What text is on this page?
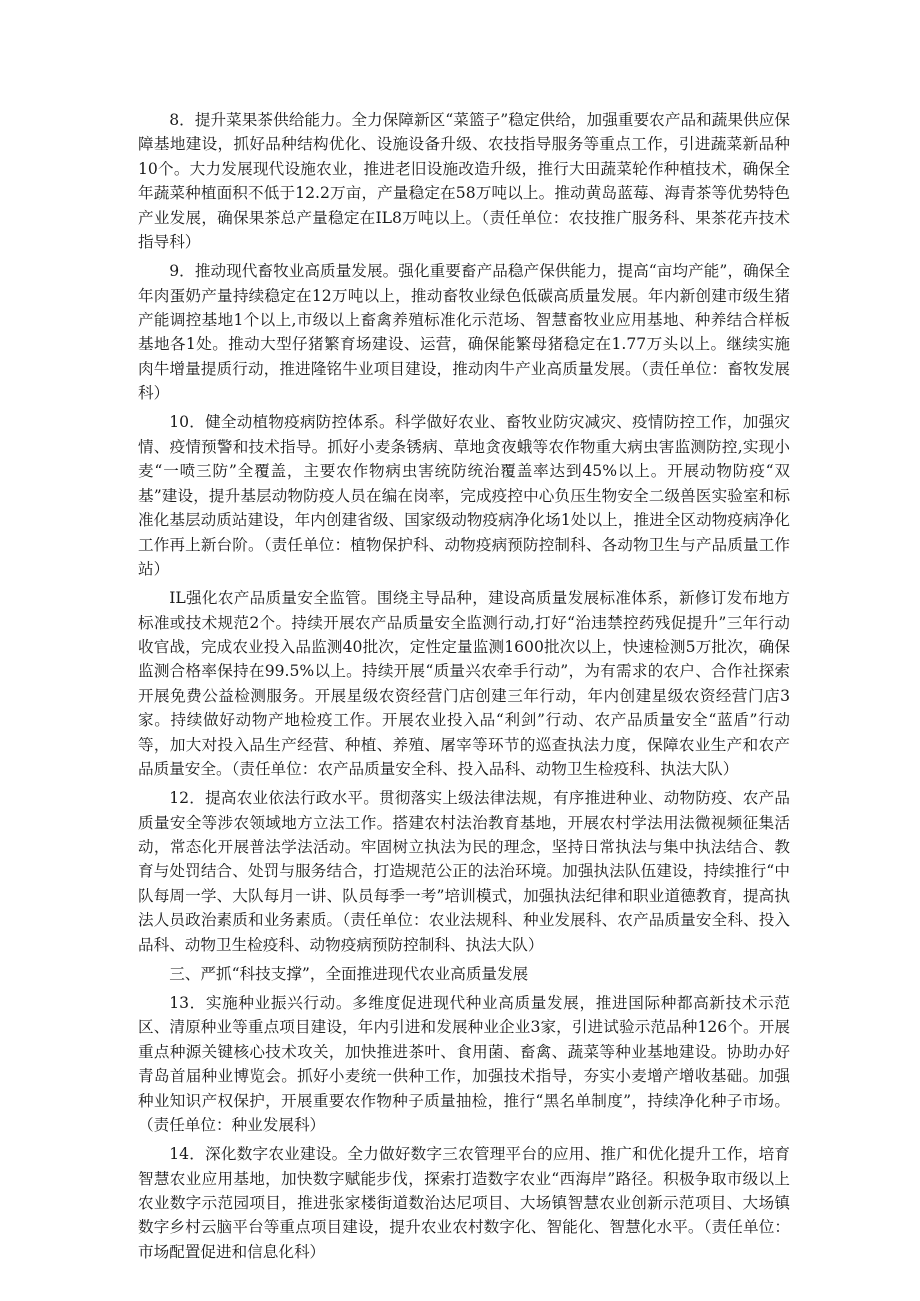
8．提升菜果茶供给能力。全力保障新区“菜篮子”稳定供给，加强重要农产品和蔬果供应保障基地建设，抓好品种结构优化、设施设备升级、农技指导服务等重点工作，引进蔬菜新品种10个。大力发展现代设施农业，推进老旧设施改造升级，推行大田蔬菜轮作种植技术，确保全年蔬菜种植面积不低于12.2万亩，产量稳定在58万吨以上。推动黄岛蓝莓、海青茶等优势特色产业发展，确保果茶总产量稳定在IL8万吨以上。（责任单位：农技推广服务科、果茶花卉技术指导科）

9．推动现代畜牧业高质量发展。强化重要畜产品稳产保供能力，提高“亩均产能”，确保全年肉蛋奶产量持续稳定在12万吨以上，推动畜牧业绿色低碳高质量发展。年内新创建市级生猪产能调控基地1个以上,市级以上畜禽养殖标准化示范场、智慧畜牧业应用基地、种养结合样板基地各1处。推动大型仔猪繁育场建设、运营，确保能繁母猪稳定在1.77万头以上。继续实施肉牛增量提质行动，推进隆铭牛业项目建设，推动肉牛产业高质量发展。（责任单位：畜牧发展科）

10．健全动植物疫病防控体系。科学做好农业、畜牧业防灾减灾、疫情防控工作，加强灾情、疫情预警和技术指导。抓好小麦条锈病、草地贪夜蛾等农作物重大病虫害监测防控,实现小麦“一喷三防”全覆盖，主要农作物病虫害统防统治覆盖率达到45%以上。开展动物防疫“双基”建设，提升基层动物防疫人员在编在岗率，完成疫控中心负压生物安全二级兽医实验室和标准化基层动质站建设，年内创建省级、国家级动物疫病净化场1处以上，推进全区动物疫病净化工作再上新台阶。（责任单位：植物保护科、动物疫病预防控制科、各动物卫生与产品质量工作站）

IL强化农产品质量安全监管。围绕主导品种，建设高质量发展标准体系，新修订发布地方标准或技术规范2个。持续开展农产品质量安全监测行动,打好“治违禁控药残促提升”三年行动收官战，完成农业投入品监测40批次，定性定量监测1600批次以上，快速检测5万批次，确保监测合格率保持在99.5%以上。持续开展“质量兴农牵手行动”，为有需求的农户、合作社探索开展免费公益检测服务。开展星级农资经营门店创建三年行动，年内创建星级农资经营门店3家。持续做好动物产地检疫工作。开展农业投入品“利剑”行动、农产品质量安全“蓝盾”行动等，加大对投入品生产经营、种植、养殖、屠宰等环节的巡查执法力度，保障农业生产和农产品质量安全。（责任单位：农产品质量安全科、投入品科、动物卫生检疫科、执法大队）

12．提高农业依法行政水平。贯彻落实上级法律法规，有序推进种业、动物防疫、农产品质量安全等涉农领域地方立法工作。搭建农村法治教育基地，开展农村学法用法微视频征集活动，常态化开展普法学法活动。牢固树立执法为民的理念，坚持日常执法与集中执法结合、教育与处罚结合、处罚与服务结合，打造规范公正的法治环境。加强执法队伍建设，持续推行“中队每周一学、大队每月一讲、队员每季一考”培训模式，加强执法纪律和职业道德教育，提高执法人员政治素质和业务素质。（责任单位：农业法规科、种业发展科、农产品质量安全科、投入品科、动物卫生检疫科、动物疫病预防控制科、执法大队）

三、严抓“科技支撑”，全面推进现代农业高质量发展

13．实施种业振兴行动。多维度促进现代种业高质量发展，推进国际种都高新技术示范区、清原种业等重点项目建设，年内引进和发展种业企业3家，引进试验示范品种126个。开展重点种源关键核心技术攻关，加快推进茶叶、食用菌、畜禽、蔬菜等种业基地建设。协助办好青岛首届种业博览会。抓好小麦统一供种工作，加强技术指导，夯实小麦增产增收基础。加强种业知识产权保护，开展重要农作物种子质量抽检，推行“黑名单制度”，持续净化种子市场。（责任单位：种业发展科）

14．深化数字农业建设。全力做好数字三农管理平台的应用、推广和优化提升工作，培育智慧农业应用基地，加快数字赋能步伐，探索打造数字农业“西海岸”路径。积极争取市级以上农业数字示范园项目，推进张家楼街道数治达尼项目、大场镇智慧农业创新示范项目、大场镇数字乡村云脑平台等重点项目建设，提升农业农村数字化、智能化、智慧化水平。（责任单位：市场配置促进和信息化科）
